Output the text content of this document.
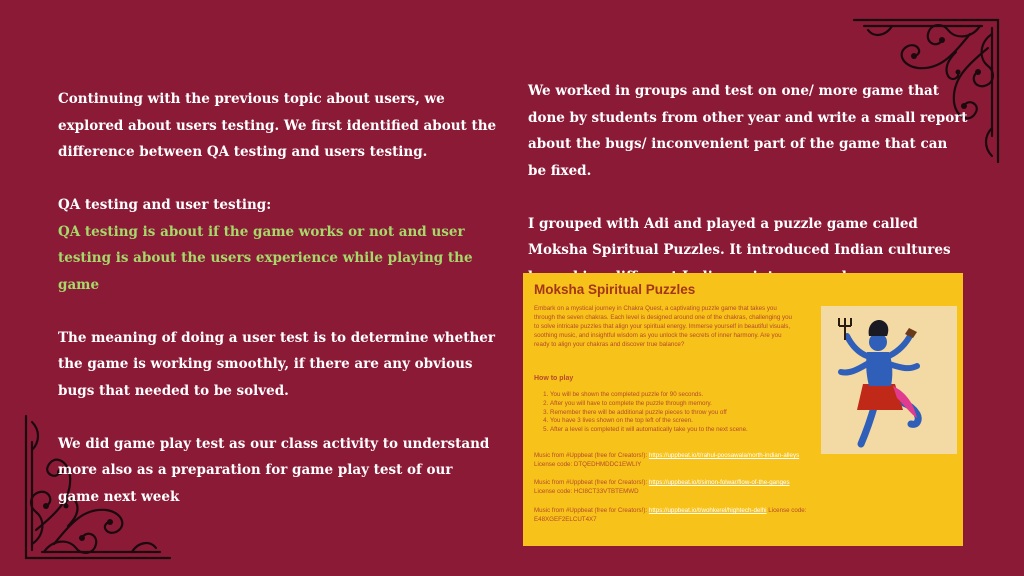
Continuing with the previous topic about users, we explored about users testing. We first identified about the difference between QA testing and users testing.

QA testing and user testing:

QA testing is about if the game works or not and user testing is about the users experience while playing the game

The meaning of doing a user test is to determine whether the game is working smoothly, if there are any obvious bugs that needed to be solved.

We did game play test as our class activity to understand more also as a preparation for game play test of our game next week

We worked in groups and test on one/ more game that done by students from other year and write a small report about the bugs/ inconvenient part of the game that can be fixed.

I grouped with Adi and played a puzzle game called Moksha Spiritual Puzzles. It introduced Indian cultures

Moksha Spiritual Puzzles
Embark on a mystical journey in Chakra Quest, a captivating puzzle game that takes you through the seven chakras. Each level is designed around one of the chakras, challenging you to solve intricate puzzles that align your spiritual energy. Immerse yourself in beautiful visuals, soothing music, and insightful wisdom as you unlock the secrets of inner harmony. Are you ready to align your chakras and discover true balance?
How to play
1. You will be shown the completed puzzle for 90 seconds.
2. After you will have to complete the puzzle through memory.
3. Remember there will be additional puzzle pieces to throw you off
4. You have 3 lives shown on the top left of the screen.
5. After a level is completed it will automatically take you to the next scene.
Music from #Uppbeat (free for Creators!): https://uppbeat.io/t/rahul-poosawala/north-indian-alleys License code: DTQEDHMDDC1EWLIY
Music from #Uppbeat (free for Creators!): https://uppbeat.io/t/simon-folwar/flow-of-the-ganges License code: HCI8CT33VTBTEMWD
Music from #Uppbeat (free for Creators!): https://uppbeat.io/t/wohkerel/hightech-delhi License code: E48XGEF2ELCUT4X7
